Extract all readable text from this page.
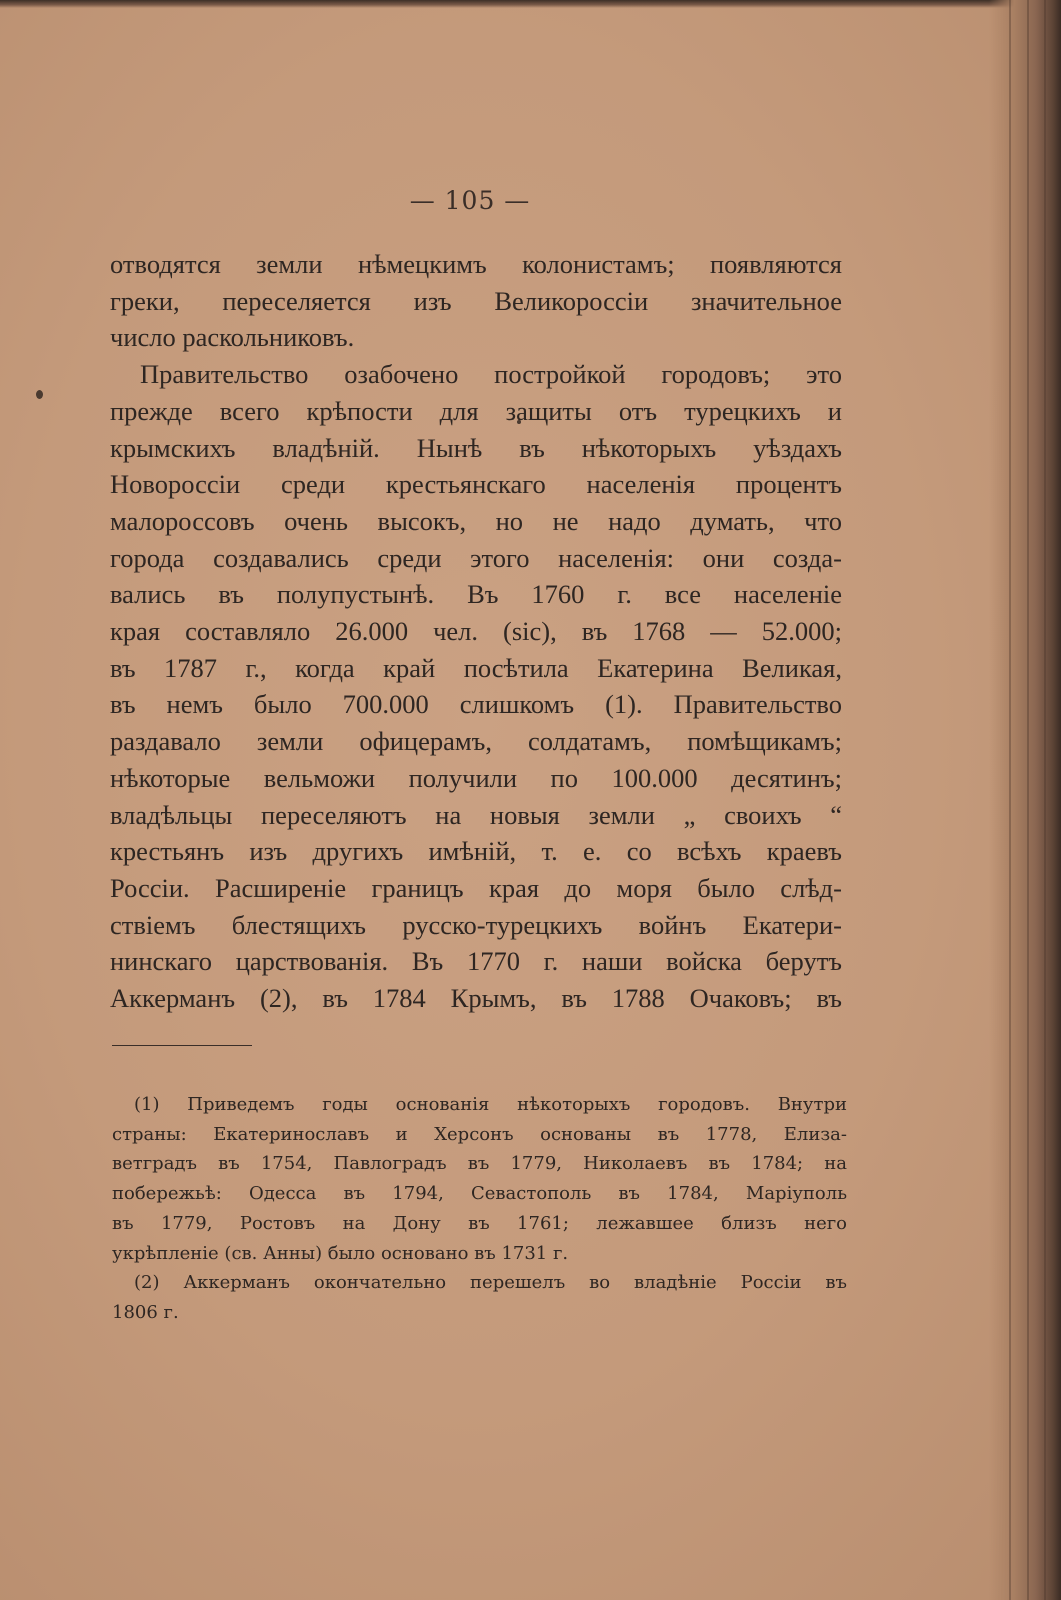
— 105 —
отводятся земли нѣмецкимъ колонистамъ; появляются
греки, переселяется изъ Великороссіи значительное
число раскольниковъ.
Правительство озабочено постройкой городовъ; это
прежде всего крѣпости для защиты отъ турецкихъ и
крымскихъ владѣній. Нынѣ въ нѣкоторыхъ уѣздахъ
Новороссіи среди крестьянскаго населенія процентъ
малороссовъ очень высокъ, но не надо думать, что
города создавались среди этого населенія: они созда-
вались въ полупустынѣ. Въ 1760 г. все населеніе
края составляло 26.000 чел. (sic), въ 1768 — 52.000;
въ 1787 г., когда край посѣтила Екатерина Великая,
въ немъ было 700.000 слишкомъ (1). Правительство
раздавало земли офицерамъ, солдатамъ, помѣщикамъ;
нѣкоторые вельможи получили по 100.000 десятинъ;
владѣльцы переселяютъ на новыя земли „ своихъ “
крестьянъ изъ другихъ имѣній, т. е. со всѣхъ краевъ
Россіи. Расширеніе границъ края до моря было слѣд-
ствіемъ блестящихъ русско-турецкихъ войнъ Екатери-
нинскаго царствованія. Въ 1770 г. наши войска берутъ
Аккерманъ (2), въ 1784 Крымъ, въ 1788 Очаковъ; въ
(1) Приведемъ годы основанія нѣкоторыхъ городовъ. Внутри
страны: Екатеринославъ и Херсонъ основаны въ 1778, Елиза-
ветградъ въ 1754, Павлоградъ въ 1779, Николаевъ въ 1784; на
побережьѣ: Одесса въ 1794, Севастополь въ 1784, Маріуполь
въ 1779, Ростовъ на Дону въ 1761; лежавшее близъ него
укрѣпленіе (св. Анны) было основано въ 1731 г.
(2) Аккерманъ окончательно перешелъ во владѣніе Россіи въ
1806 г.
